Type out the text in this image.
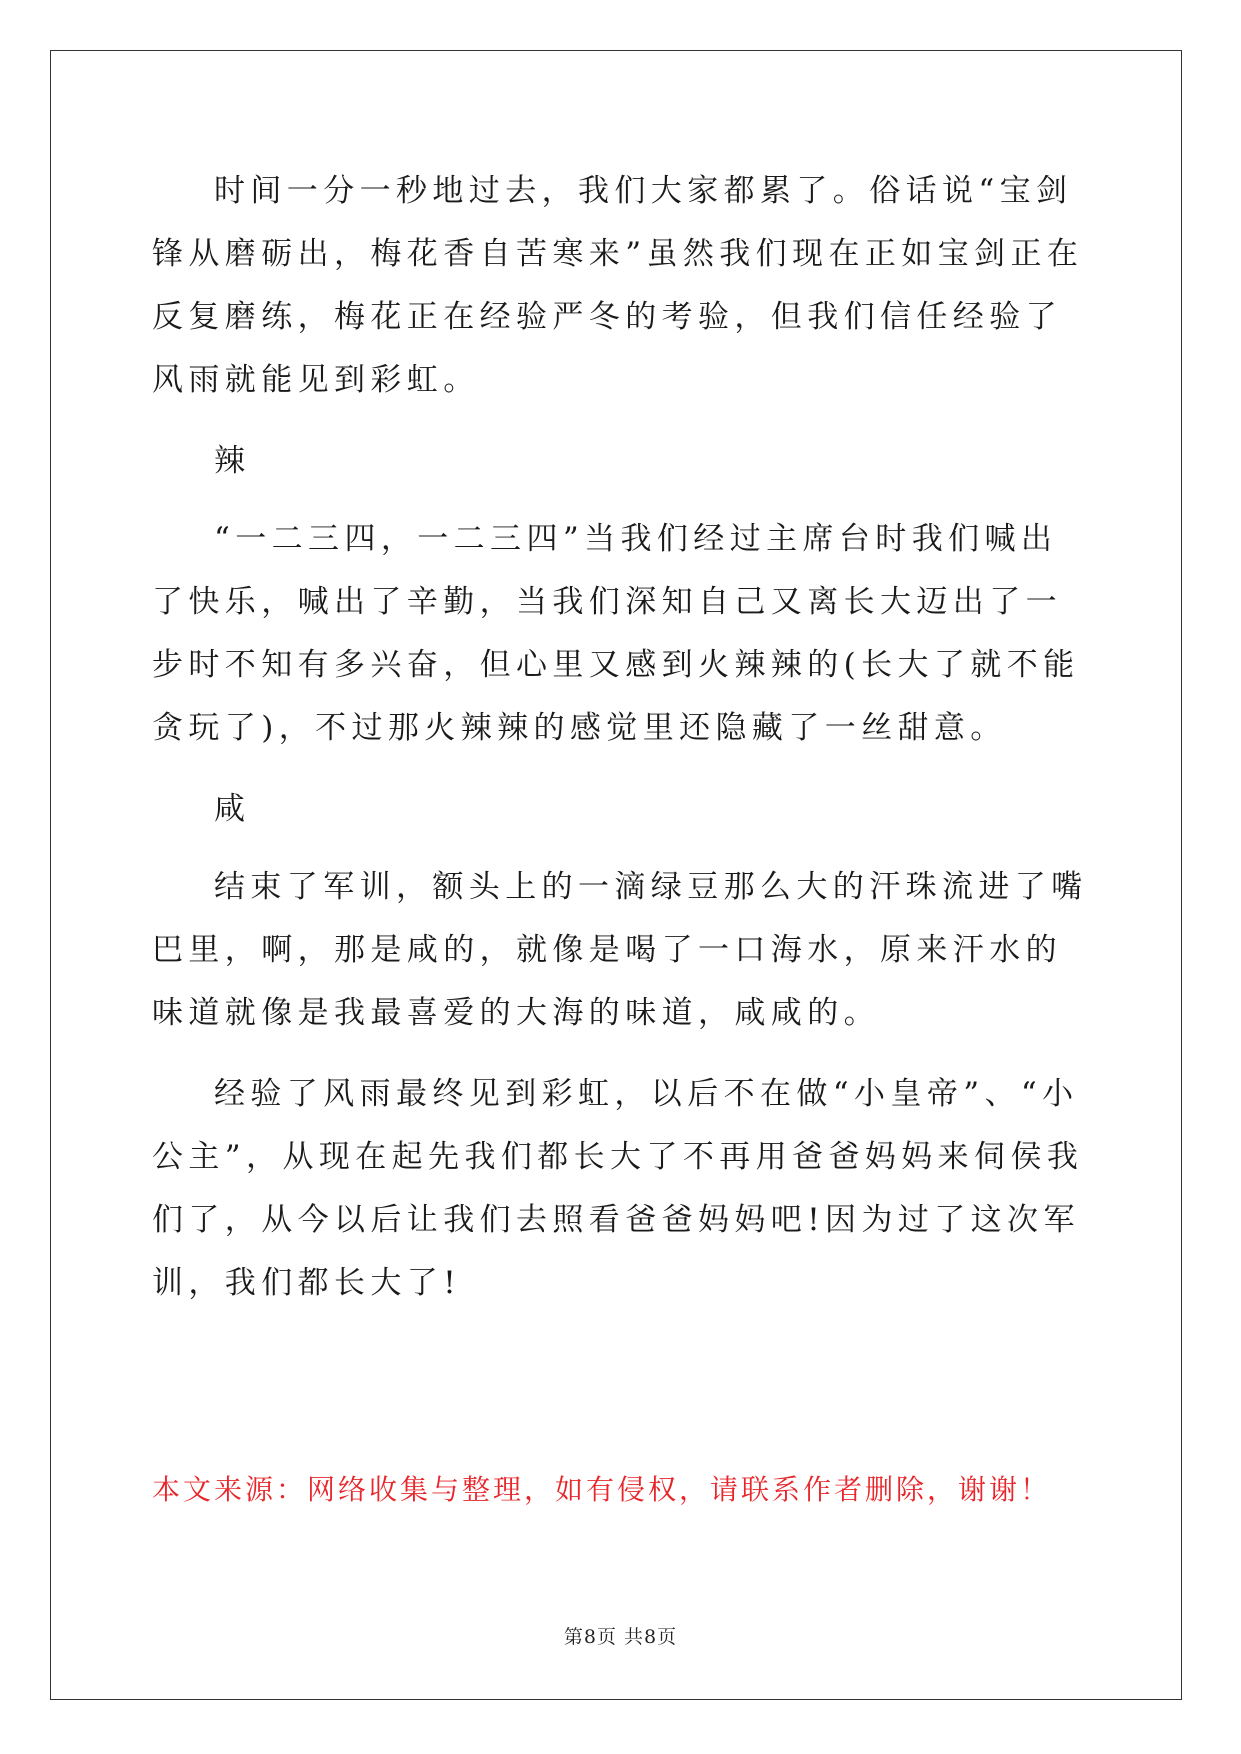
时间一分一秒地过去，我们大家都累了。俗话说“宝剑锋从磨砺出，梅花香自苦寒来”虽然我们现在正如宝剑正在反复磨练，梅花正在经验严冬的考验，但我们信任经验了风雨就能见到彩虹。

辣

“一二三四，一二三四”当我们经过主席台时我们喊出了快乐，喊出了辛勤，当我们深知自己又离长大迈出了一步时不知有多兴奋，但心里又感到火辣辣的(长大了就不能贪玩了)，不过那火辣辣的感觉里还隐藏了一丝甜意。

咸

结束了军训，额头上的一滴绿豆那么大的汗珠流进了嘴巴里，啊，那是咸的，就像是喝了一口海水，原来汗水的味道就像是我最喜爱的大海的味道，咸咸的。

经验了风雨最终见到彩虹，以后不在做“小皇帝”、“小公主”，从现在起先我们都长大了不再用爸爸妈妈来伺侯我们了，从今以后让我们去照看爸爸妈妈吧!因为过了这次军训，我们都长大了!

本文来源：网络收集与整理，如有侵权，请联系作者删除，谢谢！

第8页 共8页
